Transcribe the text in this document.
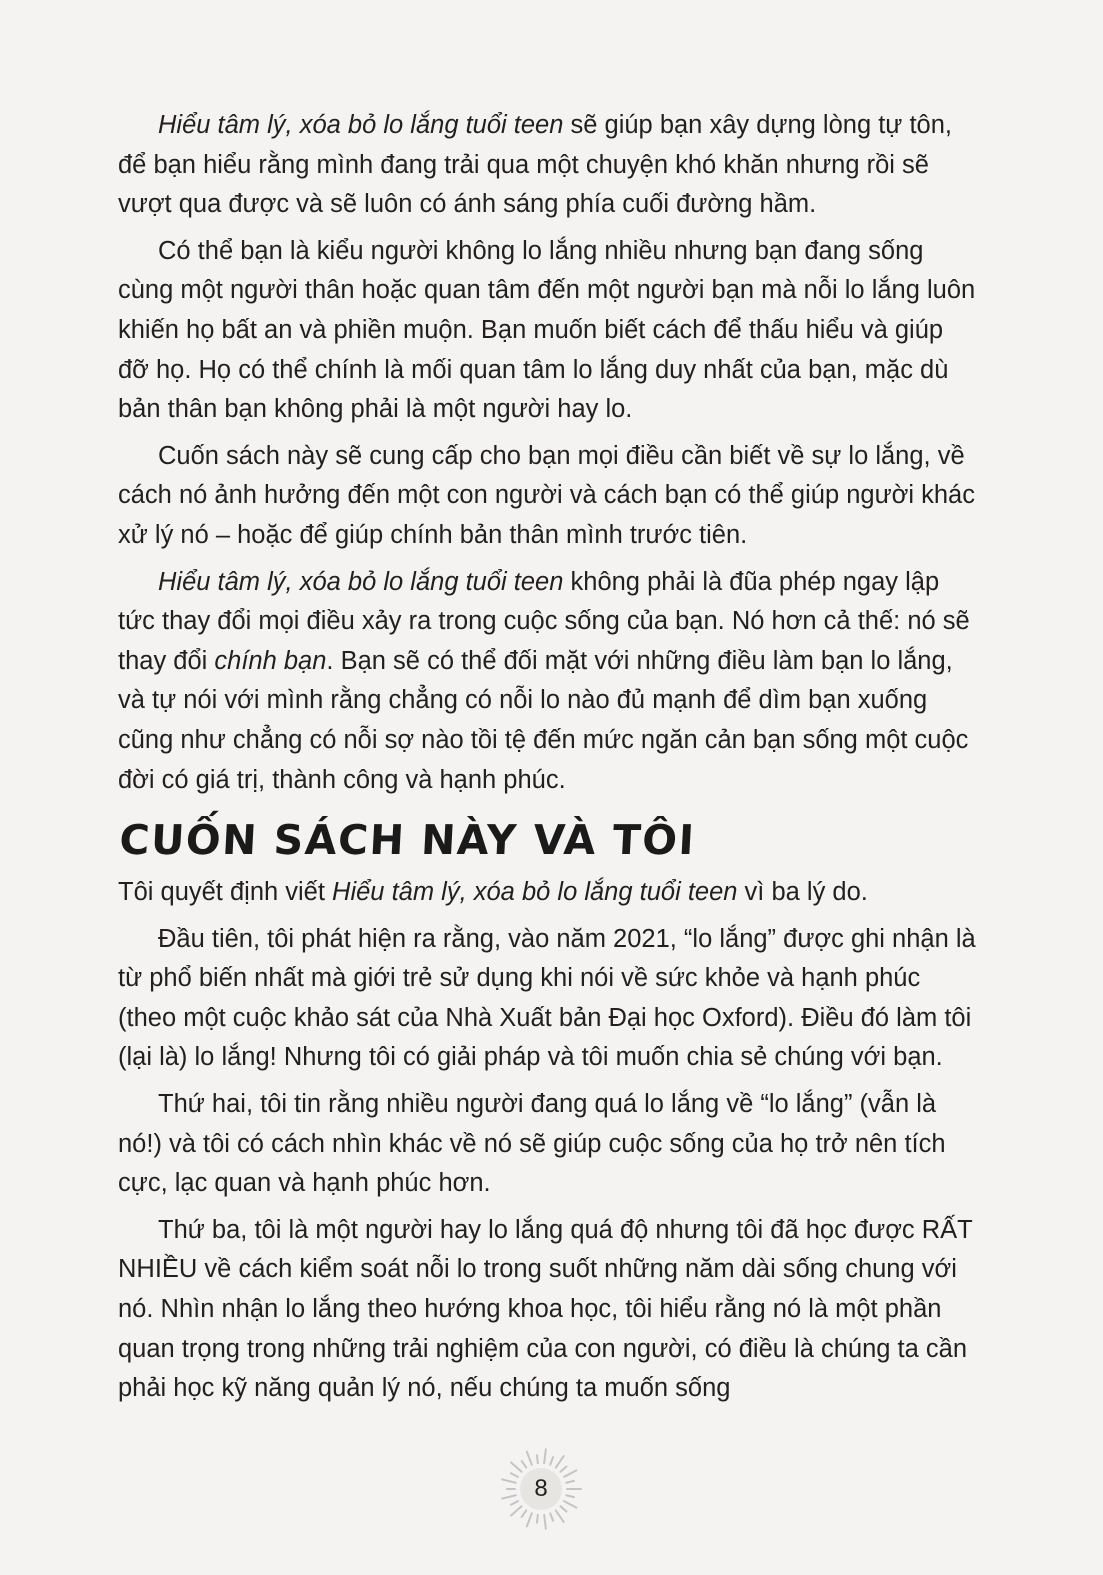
Hiểu tâm lý, xóa bỏ lo lắng tuổi teen sẽ giúp bạn xây dựng lòng tự tôn, để bạn hiểu rằng mình đang trải qua một chuyện khó khăn nhưng rồi sẽ vượt qua được và sẽ luôn có ánh sáng phía cuối đường hầm.

Có thể bạn là kiểu người không lo lắng nhiều nhưng bạn đang sống cùng một người thân hoặc quan tâm đến một người bạn mà nỗi lo lắng luôn khiến họ bất an và phiền muộn. Bạn muốn biết cách để thấu hiểu và giúp đỡ họ. Họ có thể chính là mối quan tâm lo lắng duy nhất của bạn, mặc dù bản thân bạn không phải là một người hay lo.

Cuốn sách này sẽ cung cấp cho bạn mọi điều cần biết về sự lo lắng, về cách nó ảnh hưởng đến một con người và cách bạn có thể giúp người khác xử lý nó – hoặc để giúp chính bản thân mình trước tiên.

Hiểu tâm lý, xóa bỏ lo lắng tuổi teen không phải là đũa phép ngay lập tức thay đổi mọi điều xảy ra trong cuộc sống của bạn. Nó hơn cả thế: nó sẽ thay đổi chính bạn. Bạn sẽ có thể đối mặt với những điều làm bạn lo lắng, và tự nói với mình rằng chẳng có nỗi lo nào đủ mạnh để dìm bạn xuống cũng như chẳng có nỗi sợ nào tồi tệ đến mức ngăn cản bạn sống một cuộc đời có giá trị, thành công và hạnh phúc.

CUỐN SÁCH NÀY VÀ TÔI

Tôi quyết định viết Hiểu tâm lý, xóa bỏ lo lắng tuổi teen vì ba lý do.

Đầu tiên, tôi phát hiện ra rằng, vào năm 2021, “lo lắng” được ghi nhận là từ phổ biến nhất mà giới trẻ sử dụng khi nói về sức khỏe và hạnh phúc (theo một cuộc khảo sát của Nhà Xuất bản Đại học Oxford). Điều đó làm tôi (lại là) lo lắng! Nhưng tôi có giải pháp và tôi muốn chia sẻ chúng với bạn.

Thứ hai, tôi tin rằng nhiều người đang quá lo lắng về “lo lắng” (vẫn là nó!) và tôi có cách nhìn khác về nó sẽ giúp cuộc sống của họ trở nên tích cực, lạc quan và hạnh phúc hơn.

Thứ ba, tôi là một người hay lo lắng quá độ nhưng tôi đã học được RẤT NHIỀU về cách kiểm soát nỗi lo trong suốt những năm dài sống chung với nó. Nhìn nhận lo lắng theo hướng khoa học, tôi hiểu rằng nó là một phần quan trọng trong những trải nghiệm của con người, có điều là chúng ta cần phải học kỹ năng quản lý nó, nếu chúng ta muốn sống

8
